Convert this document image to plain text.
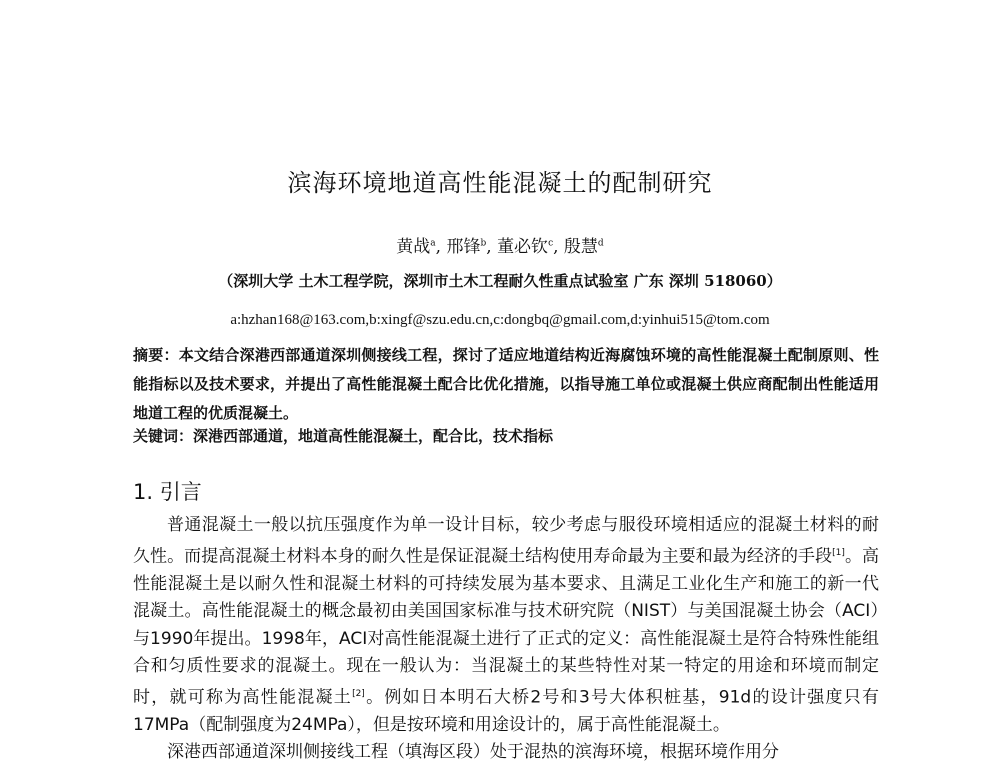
滨海环境地道高性能混凝土的配制研究
黄战$^a$, 邢锋$^b$, 董必钦$^c$, 殷慧$^d$
（深圳大学 土木工程学院，深圳市土木工程耐久性重点试验室 广东 深圳 518060）
a:hzhan168@163.com,b:xingf@szu.edu.cn,c:dongbq@gmail.com,d:yinhui515@tom.com
摘要：本文结合深港西部通道深圳侧接线工程，探讨了适应地道结构近海腐蚀环境的高性能混凝土配制原则、性能指标以及技术要求，并提出了高性能混凝土配合比优化措施，以指导施工单位或混凝土供应商配制出性能适用地道工程的优质混凝土。
关键词：深港西部通道，地道高性能混凝土，配合比，技术指标
1. 引言

普通混凝土一般以抗压强度作为单一设计目标，较少考虑与服役环境相适应的混凝土材料的耐久性。而提高混凝土材料本身的耐久性是保证混凝土结构使用寿命最为主要和最为经济的手段[1]。高性能混凝土是以耐久性和混凝土材料的可持续发展为基本要求、且满足工业化生产和施工的新一代混凝土。高性能混凝土的概念最初由美国国家标准与技术研究院（NIST）与美国混凝土协会（ACI）与1990年提出。1998年，ACI对高性能混凝土进行了正式的定义：高性能混凝土是符合特殊性能组合和匀质性要求的混凝土。现在一般认为：当混凝土的某些特性对某一特定的用途和环境而制定时，就可称为高性能混凝土[2]。例如日本明石大桥2号和3号大体积桩基，91d的设计强度只有17MPa（配制强度为24MPa），但是按环境和用途设计的，属于高性能混凝土。

深港西部通道深圳侧接线工程（填海区段）处于混热的滨海环境，根据环境作用分
